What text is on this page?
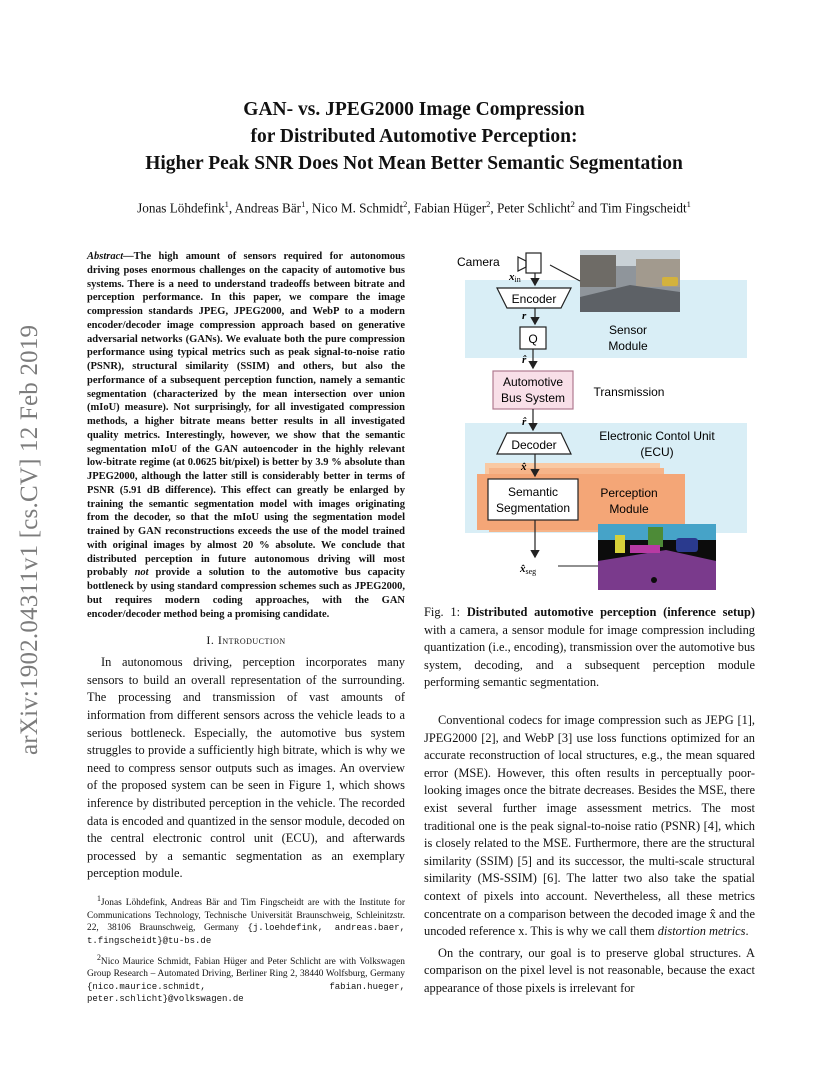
GAN- vs. JPEG2000 Image Compression
for Distributed Automotive Perception:
Higher Peak SNR Does Not Mean Better Semantic Segmentation
Jonas Löhdefink$^1$, Andreas Bär$^1$, Nico M. Schmidt$^2$, Fabian Hüger$^2$, Peter Schlicht$^2$ and Tim Fingscheidt$^1$
arXiv:1902.04311v1 [cs.CV] 12 Feb 2019

Abstract—The high amount of sensors required for autonomous driving poses enormous challenges on the capacity of automotive bus systems. There is a need to understand tradeoffs between bitrate and perception performance. In this paper, we compare the image compression standards JPEG, JPEG2000, and WebP to a modern encoder/decoder image compression approach based on generative adversarial networks (GANs). We evaluate both the pure compression performance using typical metrics such as peak signal-to-noise ratio (PSNR), structural similarity (SSIM) and others, but also the performance of a subsequent perception function, namely a semantic segmentation (characterized by the mean intersection over union (mIoU) measure). Not surprisingly, for all investigated compression methods, a higher bitrate means better results in all investigated quality metrics. Interestingly, however, we show that the semantic segmentation mIoU of the GAN autoencoder in the highly relevant low-bitrate regime (at 0.0625 bit/pixel) is better by 3.9 % absolute than JPEG2000, although the latter still is considerably better in terms of PSNR (5.91 dB difference). This effect can greatly be enlarged by training the semantic segmentation model with images originating from the decoder, so that the mIoU using the segmentation model trained by GAN reconstructions exceeds the use of the model trained with original images by almost 20 % absolute. We conclude that distributed perception in future autonomous driving will most probably not provide a solution to the automotive bus capacity bottleneck by using standard compression schemes such as JPEG2000, but requires modern coding approaches, with the GAN encoder/decoder method being a promising candidate.

I. Introduction

In autonomous driving, perception incorporates many sensors to build an overall representation of the surrounding. The processing and transmission of vast amounts of information from different sensors across the vehicle leads to a serious bottleneck. Especially, the automotive bus system struggles to provide a sufficiently high bitrate, which is why we need to compress sensor outputs such as images. An overview of the proposed system can be seen in Figure 1, which shows inference by distributed perception in the vehicle. The recorded data is encoded and quantized in the sensor module, decoded on the central electronic control unit (ECU), and afterwards processed by a semantic segmentation as an exemplary perception module.

$^1$Jonas Löhdefink, Andreas Bär and Tim Fingscheidt are with the Institute for Communications Technology, Technische Universität Braunschweig, Schleinitzstr. 22, 38106 Braunschweig, Germany {j.loehdefink, andreas.baer, t.fingscheidt}@tu-bs.de

$^2$Nico Maurice Schmidt, Fabian Hüger and Peter Schlicht are with Volkswagen Group Research – Automated Driving, Berliner Ring 2, 38440 Wolfsburg, Germany {nico.maurice.schmidt, fabian.hueger, peter.schlicht}@volkswagen.de

Camera
xin
Encoder
r
Q
Sensor
Module
r̂
Automotive
Bus System Transmission
r̂
Decoder
Electronic Contol Unit
(ECU)
x̂
Semantic
Segmentation
Perception
Module
x̂seg

Fig. 1: Distributed automotive perception (inference setup) with a camera, a sensor module for image compression including quantization (i.e., encoding), transmission over the automotive bus system, decoding, and a subsequent perception module performing semantic segmentation.

Conventional codecs for image compression such as JEPG [1], JPEG2000 [2], and WebP [3] use loss functions optimized for an accurate reconstruction of local structures, e.g., the mean squared error (MSE). However, this often results in perceptually poor-looking images once the bitrate decreases. Besides the MSE, there exist several further image assessment metrics. The most traditional one is the peak signal-to-noise ratio (PSNR) [4], which is closely related to the MSE. Furthermore, there are the structural similarity (SSIM) [5] and its successor, the multi-scale structural similarity (MS-SSIM) [6]. The latter two also take the spatial context of pixels into account. Nevertheless, all these metrics concentrate on a comparison between the decoded image x̂ and the uncoded reference x. This is why we call them distortion metrics.

On the contrary, our goal is to preserve global structures. A comparison on the pixel level is not reasonable, because the exact appearance of those pixels is irrelevant for
